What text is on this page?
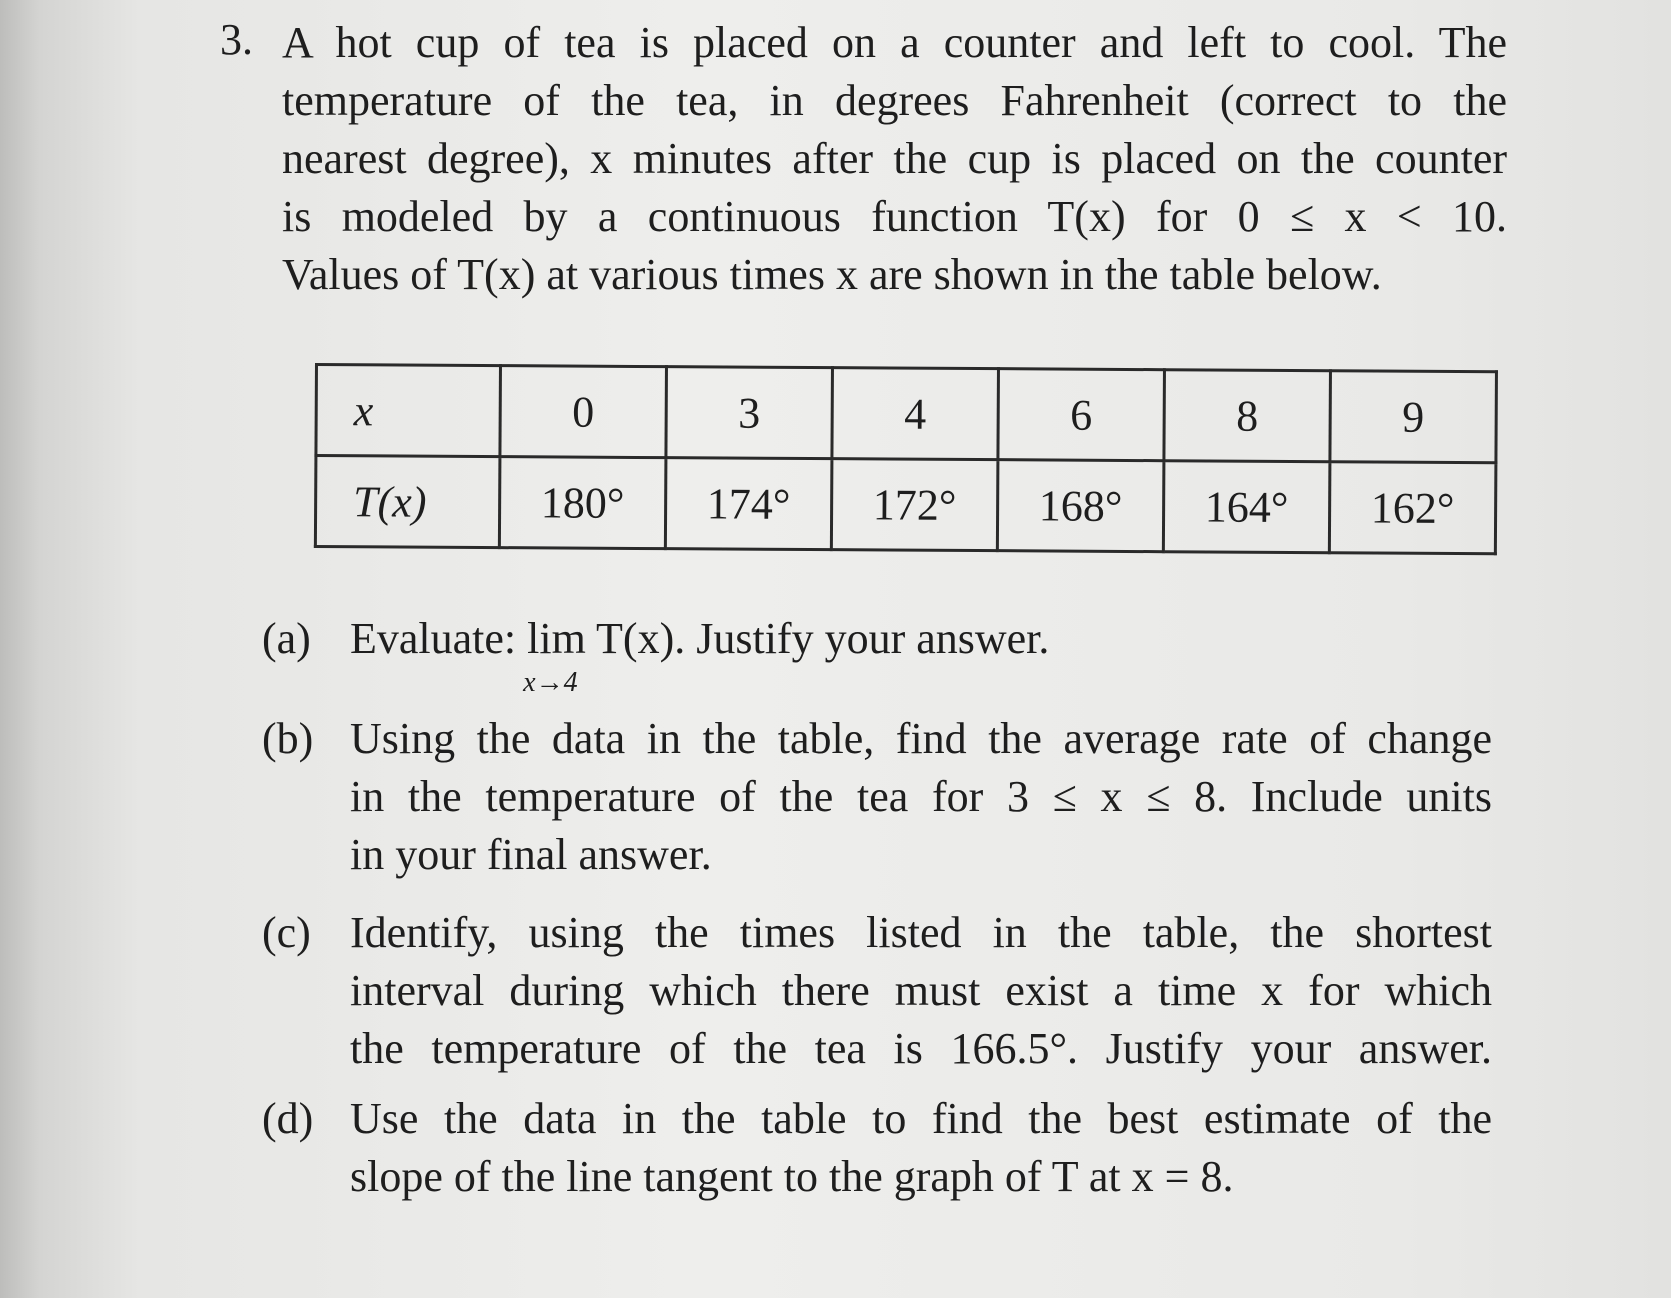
3. A hot cup of tea is placed on a counter and left to cool. The
temperature of the tea, in degrees Fahrenheit (correct to the
nearest degree), x minutes after the cup is placed on the counter
is modeled by a continuous function T(x) for 0 ≤ x < 10.
Values of T(x) at various times x are shown in the table below.
x	0	3	4	6	8	9
T(x)	180°	174°	172°	168°	164°	162°
(a) Evaluate: lim
x→4
T(x). Justify your answer.
(b) Using the data in the table, find the average rate of change
in the temperature of the tea for 3 ≤ x ≤ 8. Include units
in your final answer.
(c) Identify, using the times listed in the table, the shortest
interval during which there must exist a time x for which
the temperature of the tea is 166.5°. Justify your answer.
(d) Use the data in the table to find the best estimate of the
slope of the line tangent to the graph of T at x = 8.
